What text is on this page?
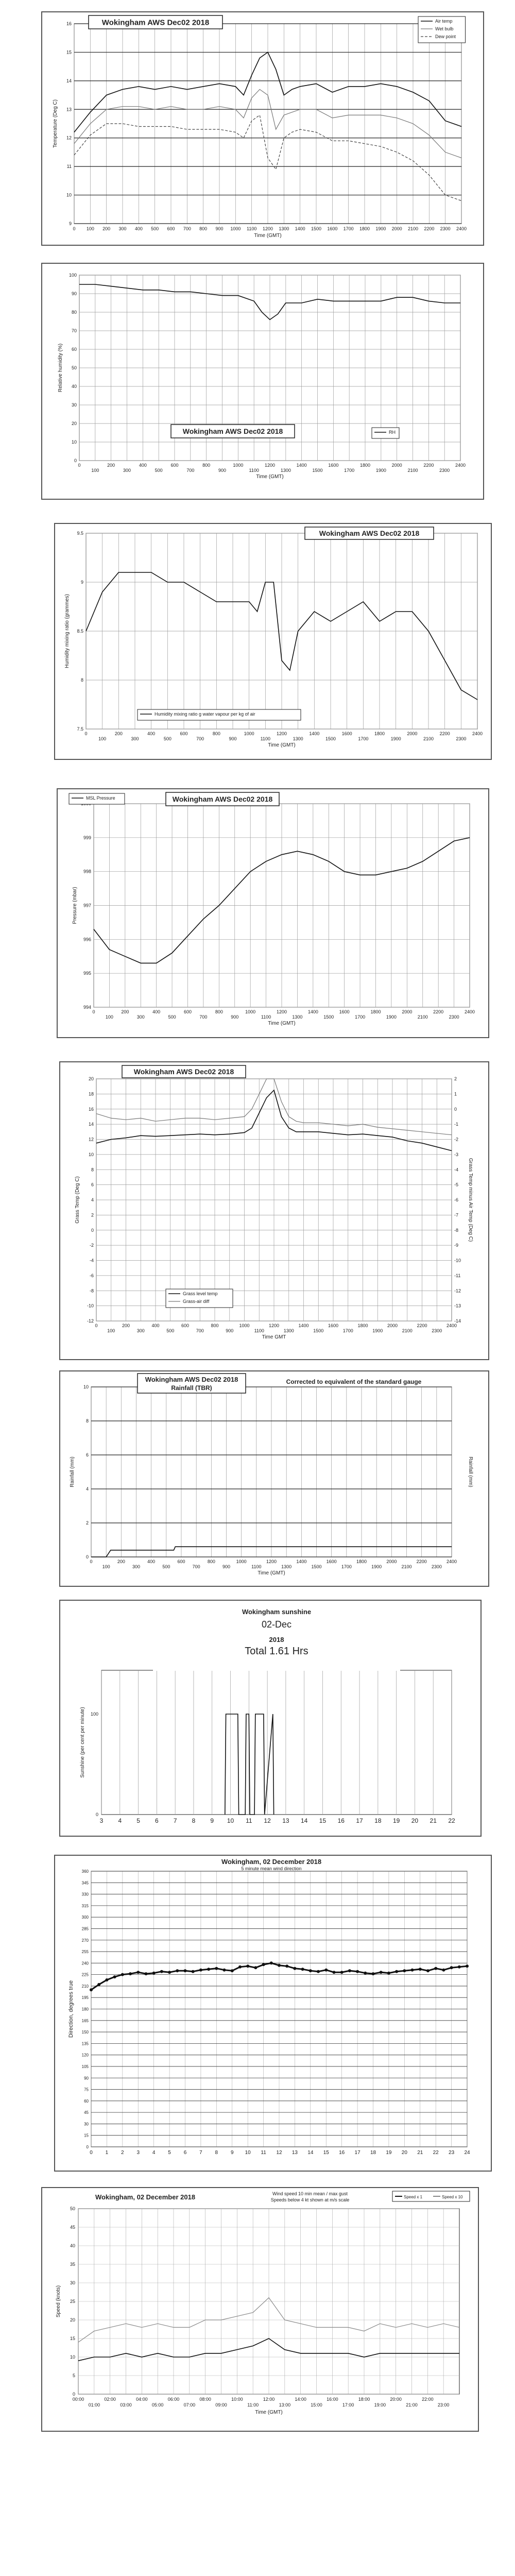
0 100 200 300 400 500 600 700 800 900 1000 1100 1200 1300 1400 1500 1600 1700 1800 1900 2000 2100 2200 2300 2400
9
10
11
12
13
14
15
16
Time (GMT)
Temperature (Deg C)
Wokingham AWS Dec02 2018	Air temp
Wet bulb
Dew point
0
100
200
300
400
500
600
700
800
900
1000
1100
1200
1300
1400
1500
1600
1700
1800
1900
2000
2100
2200
2300
2400
0
10
20
30
40
50
60
70
80
90
100
Time (GMT)
Relative humidity (%)
Wokingham AWS Dec02 2018	RH
0
100
200
300
400
500
600
700
800
900
1000
1100
1200
1300
1400
1500
1600
1700
1800
1900
2000
2100
2200
2300
2400
7.5
8
8.5
9
9.5
Time (GMT)
Humidity mixing ratio (grammes)
Wokingham AWS Dec02 2018
Humidity mixing ratio g water vapour per kg of air
0
100
200
300
400
500
600
700
800
900
1000
1100
1200
1300
1400
1500
1600
1700
1800
1900
2000
2100
2200
2300
2400
994
995
996
997
998
999
Time (GMT)
Pressure (mbar)
Wokingham AWS Dec02 2018
MSL Pressure
0
100
200
300
400
500
600
700
800
900
1000
1100
1200
1300
1400
1500
1600
1700
1800
1900
2000
2100
2200
2300
2400
20
18
16
14
12
10
8
6
4
2
0
-2
-4
-6
-8
-10
-12
2
1
0
-1
-2
-3
-4
-5
-6
-7
-8
-9
-10
-11
-12
-13
-14
Time GMT
Grass Temp (Deg C)	Grass Temp minus Air Temp (Deg C)
Wokingham AWS Dec02 2018
Grass level temp
Grass-air diff
0
100
200
300
400
500
600
700
800
900
1000
1100
1200
1300
1400
1500
1600
1700
1800
1900
2000
2100
2200
2300
2400
0
2
4
6
8
10
Time (GMT)
Rainfall (mm)	Rainfall (mm)
Wokingham AWS Dec02 2018
Rainfall (TBR)
Corrected to equivalent of the standard gauge
3 4 5 6 7 8 9 10 11 12 13 14 15 16 17 18 19 20 21 22
0
100
Wokingham sunshine
02-Dec
2018
Total 1.61 Hrs
Sunshine (per cent per minute)
0 1 2 3 4 5 6 7 8 9 10 11 12 13 14 15 16 17 18 19 20 21 22 23 24
0
15
30
45
60
75
90
105
120
135
150
165
180
195
210
225
240
255
270
285
300
315
330
345
360
Wokingham, 02 December 2018
5 minute mean wind direction
Direction, degrees true
00:00
01:00
02:00
03:00
04:00
05:00
06:00
07:00
08:00
09:00
10:00
11:00
12:00
13:00
14:00
15:00
16:00
17:00
18:00
19:00
20:00
21:00
22:00
23:00
0
5
10
15
20
25
30
35
40
45
50
Wokingham, 02 December 2018	Wind speed 10 min mean / max gust
Speeds below 4 kt shown at m/s scale
Time (GMT)
Speed (knots)
Speed x 1	Speed x 10
